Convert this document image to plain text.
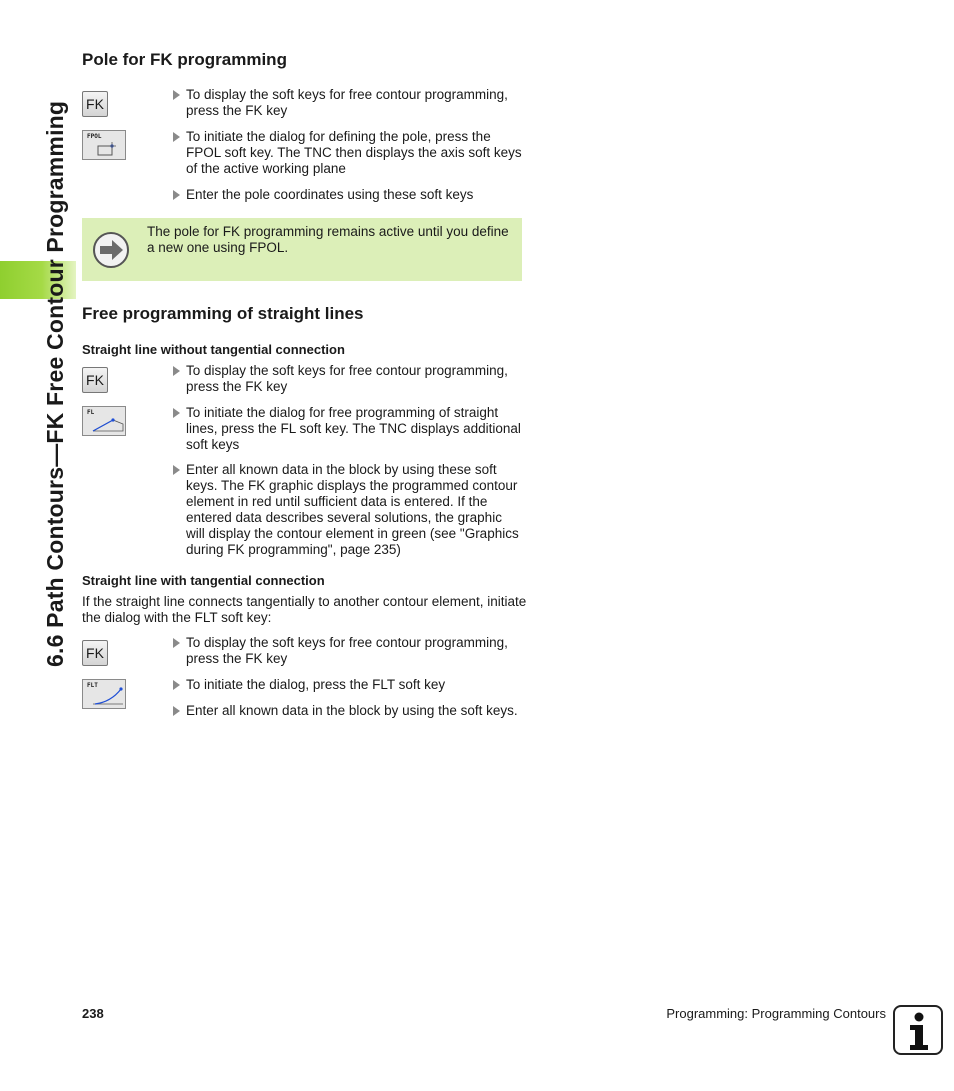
6.6 Path Contours—FK Free Contour Programming
Pole for FK programming
FK
To display the soft keys for free contour programming, press the FK key
FPOL	To initiate the dialog for defining the pole, press the FPOL soft key. The TNC then displays the axis soft keys of the active working plane
Enter the pole coordinates using these soft keys
The pole for FK programming remains active until you define a new one using FPOL.
Free programming of straight lines
Straight line without tangential connection
FK
To display the soft keys for free contour programming, press the FK key
FL	To initiate the dialog for free programming of straight lines, press the FL soft key. The TNC displays additional soft keys
Enter all known data in the block by using these soft keys. The FK graphic displays the programmed contour element in red until sufficient data is entered. If the entered data describes several solutions, the graphic will display the contour element in green (see "Graphics during FK programming", page 235)
Straight line with tangential connection
If the straight line connects tangentially to another contour element, initiate the dialog with the FLT soft key:
FK
To display the soft keys for free contour programming, press the FK key
FLT	To initiate the dialog, press the FLT soft key
Enter all known data in the block by using the soft keys.
238	Programming: Programming Contours
